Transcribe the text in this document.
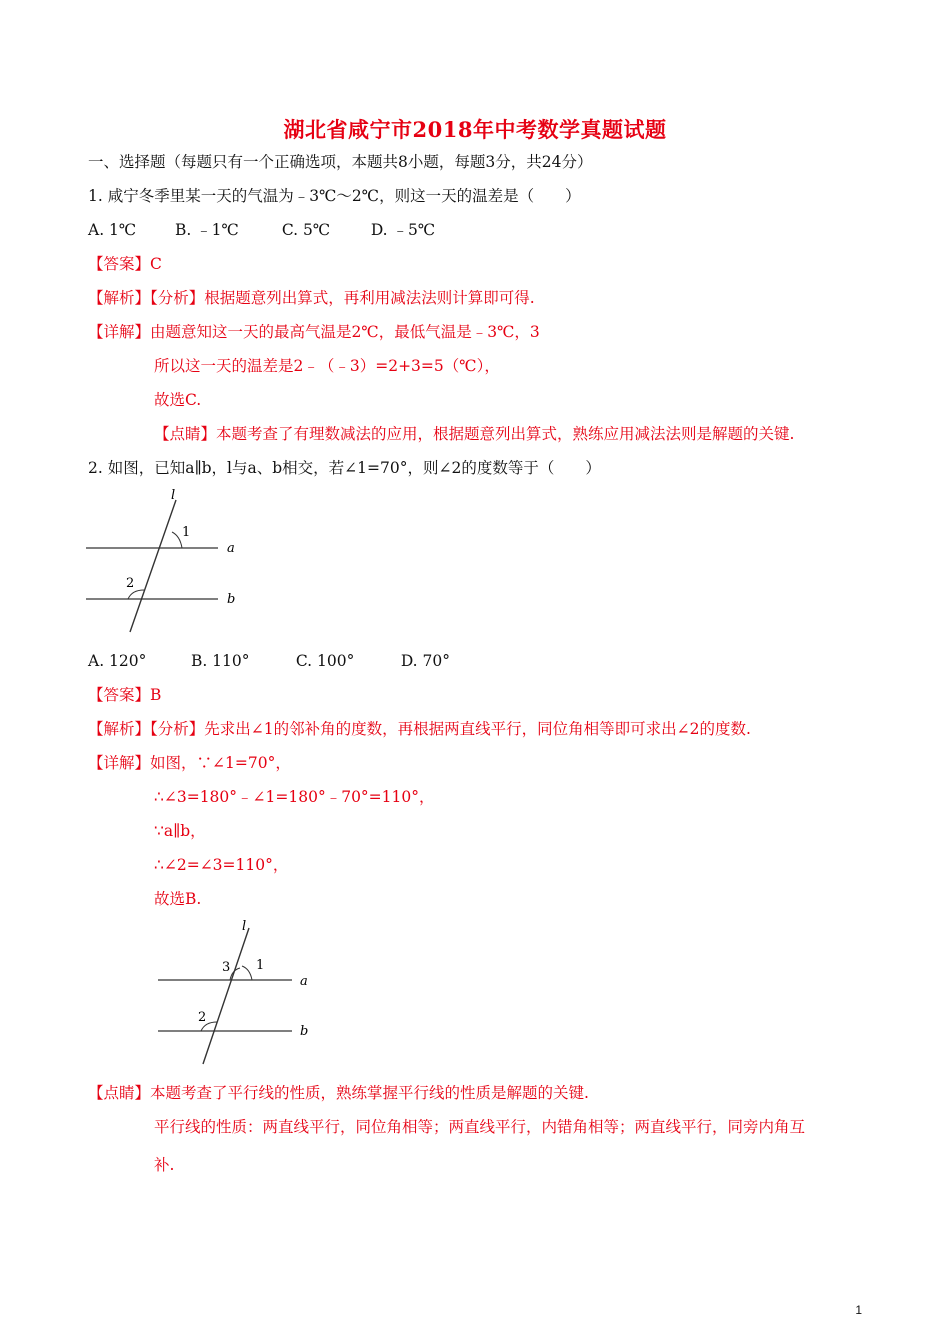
湖北省咸宁市2018年中考数学真题试题
一、选择题（每题只有一个正确选项，本题共8小题，每题3分，共24分）
1. 咸宁冬季里某一天的气温为﹣3℃～2℃，则这一天的温差是（　　）
A. 1℃ B. ﹣1℃	C. 5℃	D. ﹣5℃
【答案】C
【解析】【分析】根据题意列出算式，再利用减法法则计算即可得.
【详解】由题意知这一天的最高气温是2℃，最低气温是﹣3℃，3
所以这一天的温差是2﹣（﹣3）=2+3=5（℃），
故选C.
【点睛】本题考查了有理数减法的应用，根据题意列出算式，熟练应用减法法则是解题的关键.
2. 如图，已知a∥b，l与a、b相交，若∠1=70°，则∠2的度数等于（　　）
l
1
a
2
b
A. 120°	B. 110°	C. 100°	D. 70°
【答案】B
【解析】【分析】先求出∠1的邻补角的度数，再根据两直线平行，同位角相等即可求出∠2的度数.
【详解】如图，∵∠1=70°，
∴∠3=180°﹣∠1=180°﹣70°=110°，
∵a∥b，
∴∠2=∠3=110°，
故选B.
l
3 1
a
2
b
【点睛】本题考查了平行线的性质，熟练掌握平行线的性质是解题的关键.
平行线的性质：两直线平行，同位角相等；两直线平行，内错角相等；两直线平行，同旁内角互
补.
1
